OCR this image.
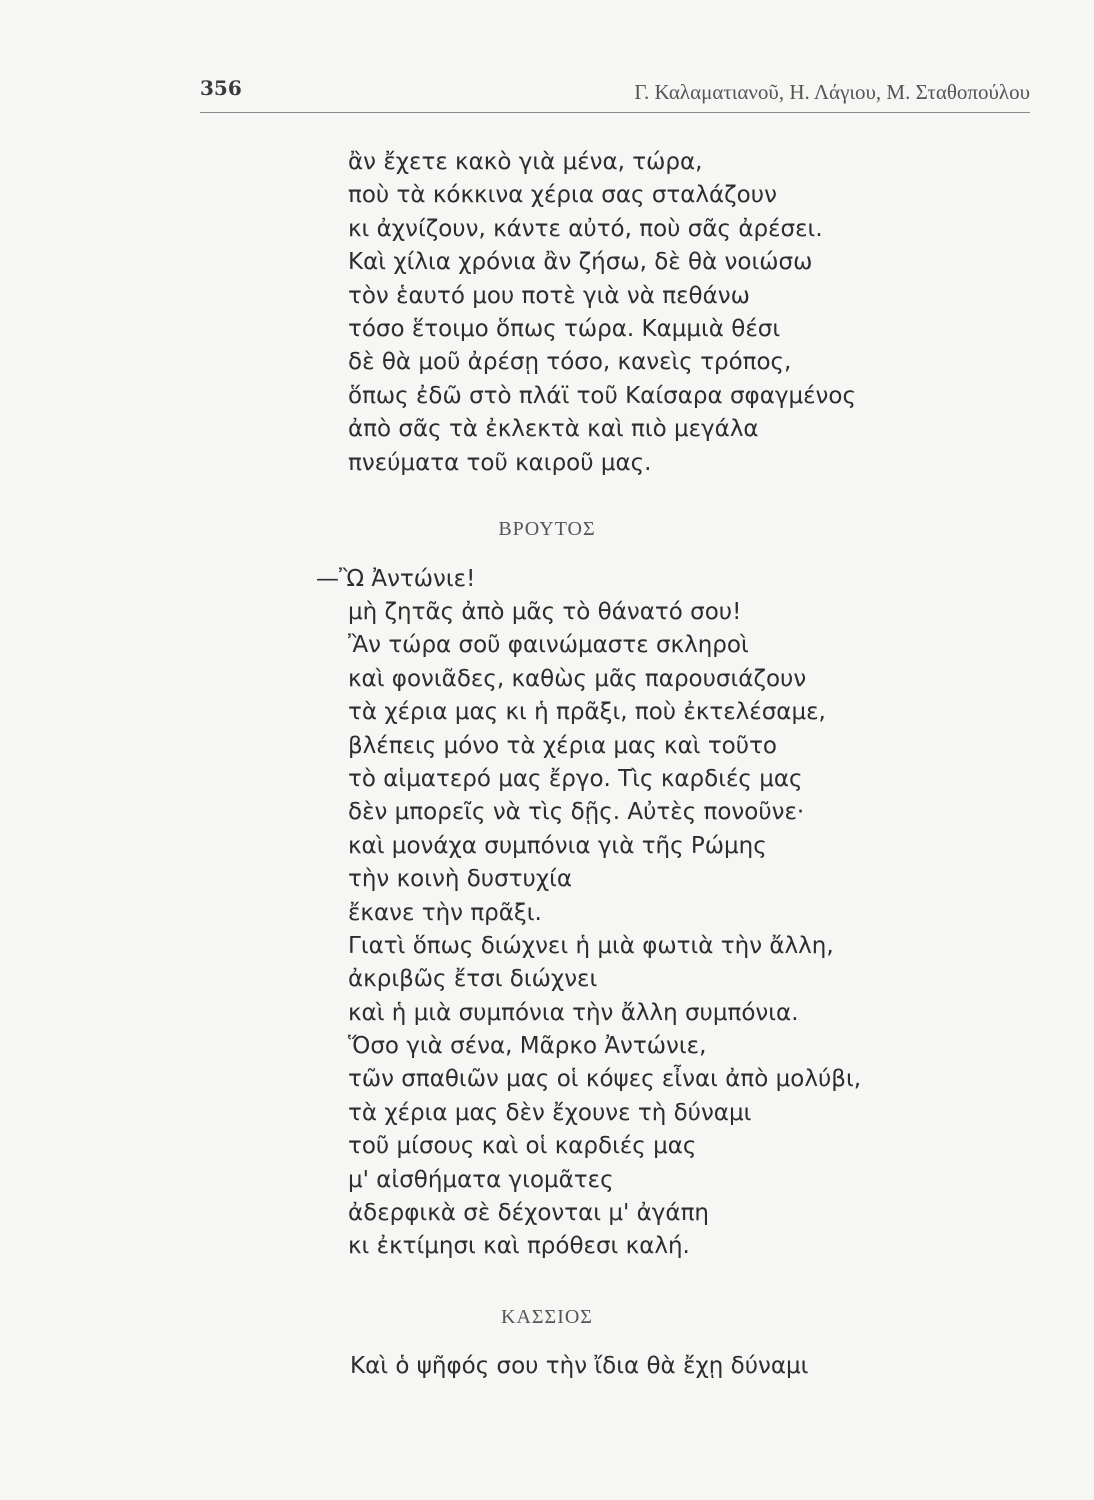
356	Γ. Καλαματιανοῦ, Η. Λάγιου, Μ. Σταθοπούλου
ἂν ἔχετε κακὸ γιὰ μένα, τώρα,
ποὺ τὰ κόκκινα χέρια σας σταλάζουν
κι ἀχνίζουν, κάντε αὐτό, ποὺ σᾶς ἀρέσει.
Καὶ χίλια χρόνια ἂν ζήσω, δὲ θὰ νοιώσω
τὸν ἑαυτό μου ποτὲ γιὰ νὰ πεθάνω
τόσο ἕτοιμο ὅπως τώρα. Καμμιὰ θέσι
δὲ θὰ μοῦ ἀρέσῃ τόσο, κανεὶς τρόπος,
ὅπως ἐδῶ στὸ πλάϊ τοῦ Καίσαρα σφαγμένος
ἀπὸ σᾶς τὰ ἐκλεκτὰ καὶ πιὸ μεγάλα
πνεύματα τοῦ καιροῦ μας.
ΒΡΟΥΤΟΣ
—Ὢ Ἀντώνιε!
μὴ ζητᾶς ἀπὸ μᾶς τὸ θάνατό σου!
Ἂν τώρα σοῦ φαινώμαστε σκληροὶ
καὶ φονιᾶδες, καθὼς μᾶς παρουσιάζουν
τὰ χέρια μας κι ἡ πρᾶξι, ποὺ ἐκτελέσαμε,
βλέπεις μόνο τὰ χέρια μας καὶ τοῦτο
τὸ αἱματερό μας ἔργο. Τὶς καρδιές μας
δὲν μπορεῖς νὰ τὶς δῇς. Αὐτὲς πονοῦνε·
καὶ μονάχα συμπόνια γιὰ τῆς Ρώμης
τὴν κοινὴ δυστυχία
ἔκανε τὴν πρᾶξι.
Γιατὶ ὅπως διώχνει ἡ μιὰ φωτιὰ τὴν ἄλλη,
ἀκριβῶς ἔτσι διώχνει
καὶ ἡ μιὰ συμπόνια τὴν ἄλλη συμπόνια.
Ὅσο γιὰ σένα, Μᾶρκο Ἀντώνιε,
τῶν σπαθιῶν μας οἱ κόψες εἶναι ἀπὸ μολύβι,
τὰ χέρια μας δὲν ἔχουνε τὴ δύναμι
τοῦ μίσους καὶ οἱ καρδιές μας
μ' αἰσθήματα γιομᾶτες
ἀδερφικὰ σὲ δέχονται μ' ἀγάπη
κι ἐκτίμησι καὶ πρόθεσι καλή.
ΚΑΣΣΙΟΣ
Καὶ ὁ ψῆφός σου τὴν ἴδια θὰ ἔχῃ δύναμι
